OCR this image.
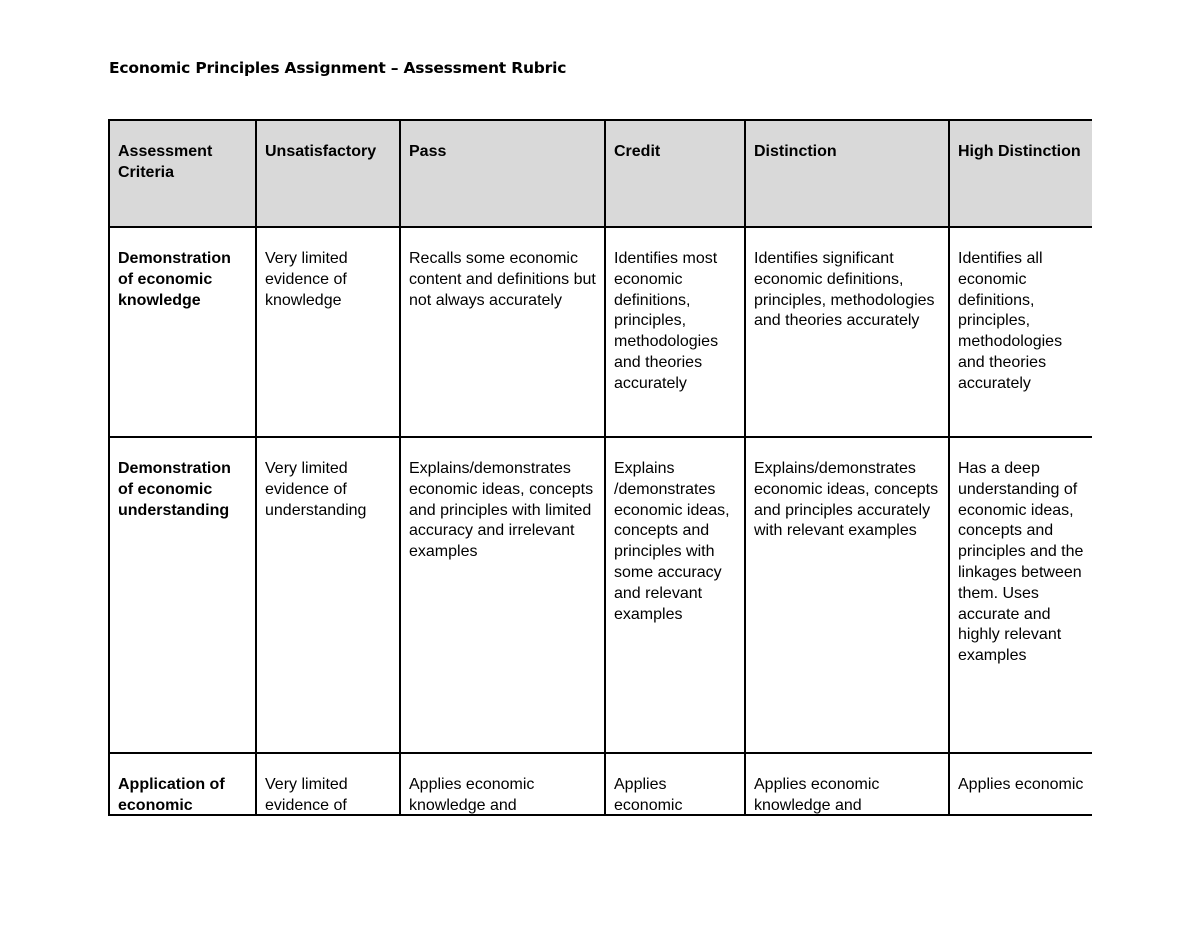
Economic Principles Assignment – Assessment Rubric
Assessment Criteria	Unsatisfactory	Pass	Credit	Distinction	High Distinction
Demonstration of economic knowledge	Very limited evidence of knowledge	Recalls some economic content and definitions but not always accurately	Identifies most economic definitions, principles, methodologies and theories accurately	Identifies significant economic definitions, principles, methodologies and theories accurately	Identifies all economic definitions, principles, methodologies and theories accurately
Demonstration of economic understanding	Very limited evidence of understanding	Explains/demonstrates economic ideas, concepts and principles with limited accuracy and irrelevant examples	Explains /demonstrates economic ideas, concepts and principles with some accuracy and relevant examples	Explains/demonstrates economic ideas, concepts and principles accurately with relevant examples	Has a deep understanding of economic ideas, concepts and principles and the linkages between them. Uses accurate and highly relevant examples
Application of economic	Very limited evidence of	Applies economic knowledge and	Applies economic	Applies economic knowledge and	Applies economic
